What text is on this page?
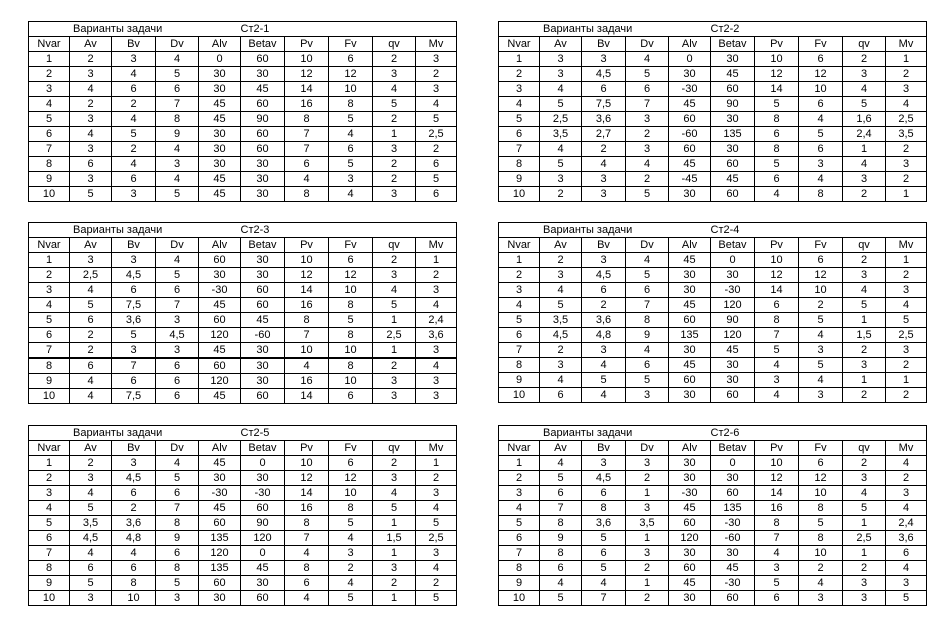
Варианты задачи					Ст2-1				
Nvar	Av	Bv	Dv	Alv	Betav	Pv	Fv	qv	Mv
1	2	3	4	0	60	10	6	2	3
2	3	4	5	30	30	12	12	3	2
3	4	6	6	30	45	14	10	4	3
4	2	2	7	45	60	16	8	5	4
5	3	4	8	45	90	8	5	2	5
6	4	5	9	30	60	7	4	1	2,5
7	3	2	4	30	60	7	6	3	2
8	6	4	3	30	30	6	5	2	6
9	3	6	4	45	30	4	3	2	5
10	5	3	5	45	30	8	4	3	6
Варианты задачи					Ст2-2				
Nvar	Av	Bv	Dv	Alv	Betav	Pv	Fv	qv	Mv
1	3	3	4	0	30	10	6	2	1
2	3	4,5	5	30	45	12	12	3	2
3	4	6	6	-30	60	14	10	4	3
4	5	7,5	7	45	90	5	6	5	4
5	2,5	3,6	3	60	30	8	4	1,6	2,5
6	3,5	2,7	2	-60	135	6	5	2,4	3,5
7	4	2	3	60	30	8	6	1	2
8	5	4	4	45	60	5	3	4	3
9	3	3	2	-45	45	6	4	3	2
10	2	3	5	30	60	4	8	2	1
Варианты задачи					Ст2-3				
Nvar	Av	Bv	Dv	Alv	Betav	Pv	Fv	qv	Mv
1	3	3	4	60	30	10	6	2	1
2	2,5	4,5	5	30	30	12	12	3	2
3	4	6	6	-30	60	14	10	4	3
4	5	7,5	7	45	60	16	8	5	4
5	6	3,6	3	60	45	8	5	1	2,4
6	2	5	4,5	120	-60	7	8	2,5	3,6
7	2	3	3	45	30	10	10	1	3
8	6	7	6	60	30	4	8	2	4
9	4	6	6	120	30	16	10	3	3
10	4	7,5	6	45	60	14	6	3	3
Варианты задачи					Ст2-4				
Nvar	Av	Bv	Dv	Alv	Betav	Pv	Fv	qv	Mv
1	2	3	4	45	0	10	6	2	1
2	3	4,5	5	30	30	12	12	3	2
3	4	6	6	30	-30	14	10	4	3
4	5	2	7	45	120	6	2	5	4
5	3,5	3,6	8	60	90	8	5	1	5
6	4,5	4,8	9	135	120	7	4	1,5	2,5
7	2	3	4	30	45	5	3	2	3
8	3	4	6	45	30	4	5	3	2
9	4	5	5	60	30	3	4	1	1
10	6	4	3	30	60	4	3	2	2
Варианты задачи					Ст2-5				
Nvar	Av	Bv	Dv	Alv	Betav	Pv	Fv	qv	Mv
1	2	3	4	45	0	10	6	2	1
2	3	4,5	5	30	30	12	12	3	2
3	4	6	6	-30	-30	14	10	4	3
4	5	2	7	45	60	16	8	5	4
5	3,5	3,6	8	60	90	8	5	1	5
6	4,5	4,8	9	135	120	7	4	1,5	2,5
7	4	4	6	120	0	4	3	1	3
8	6	6	8	135	45	8	2	3	4
9	5	8	5	60	30	6	4	2	2
10	3	10	3	30	60	4	5	1	5
Варианты задачи					Ст2-6				
Nvar	Av	Bv	Dv	Alv	Betav	Pv	Fv	qv	Mv
1	4	3	3	30	0	10	6	2	4
2	5	4,5	2	30	30	12	12	3	2
3	6	6	1	-30	60	14	10	4	3
4	7	8	3	45	135	16	8	5	4
5	8	3,6	3,5	60	-30	8	5	1	2,4
6	9	5	1	120	-60	7	8	2,5	3,6
7	8	6	3	30	30	4	10	1	6
8	6	5	2	60	45	3	2	2	4
9	4	4	1	45	-30	5	4	3	3
10	5	7	2	30	60	6	3	3	5
